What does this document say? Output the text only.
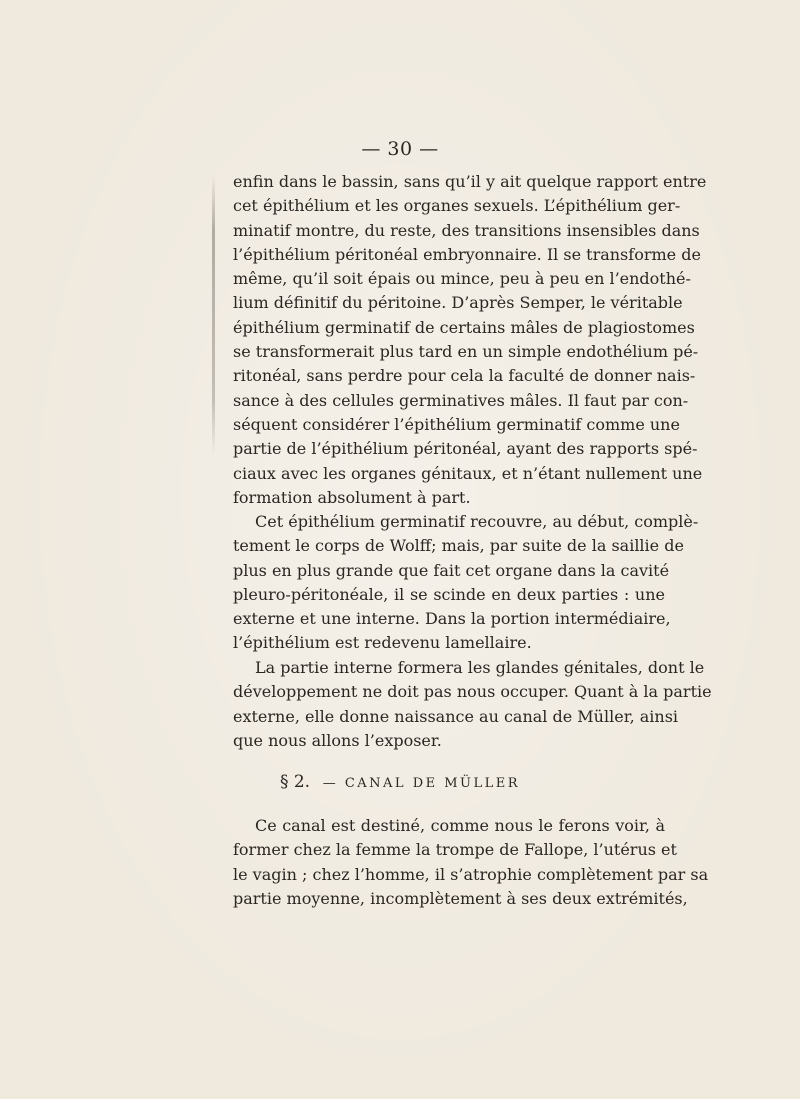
— 30 —
enfin dans le bassin, sans qu’il y ait quelque rapport entre
cet épithélium et les organes sexuels. L’épithélium ger-
minatif montre, du reste, des transitions insensibles dans
l’épithélium péritonéal embryonnaire. Il se transforme de
même, qu’il soit épais ou mince, peu à peu en l’endothé-
lium définitif du péritoine. D’après Semper, le véritable
épithélium germinatif de certains mâles de plagiostomes
se transformerait plus tard en un simple endothélium pé-
ritonéal, sans perdre pour cela la faculté de donner nais-
sance à des cellules germinatives mâles. Il faut par con-
séquent considérer l’épithélium germinatif comme une
partie de l’épithélium péritonéal, ayant des rapports spé-
ciaux avec les organes génitaux, et n’étant nullement une
formation absolument à part.
Cet épithélium germinatif recouvre, au début, complè-
tement le corps de Wolff; mais, par suite de la saillie de
plus en plus grande que fait cet organe dans la cavité
pleuro-péritonéale, il se scinde en deux parties : une
externe et une interne. Dans la portion intermédiaire,
l’épithélium est redevenu lamellaire.
La partie interne formera les glandes génitales, dont le
développement ne doit pas nous occuper. Quant à la partie
externe, elle donne naissance au canal de Müller, ainsi
que nous allons l’exposer.
§ 2. — CANAL DE MÜLLER
Ce canal est destiné, comme nous le ferons voir, à
former chez la femme la trompe de Fallope, l’utérus et
le vagin ; chez l’homme, il s’atrophie complètement par sa
partie moyenne, incomplètement à ses deux extrémités,
